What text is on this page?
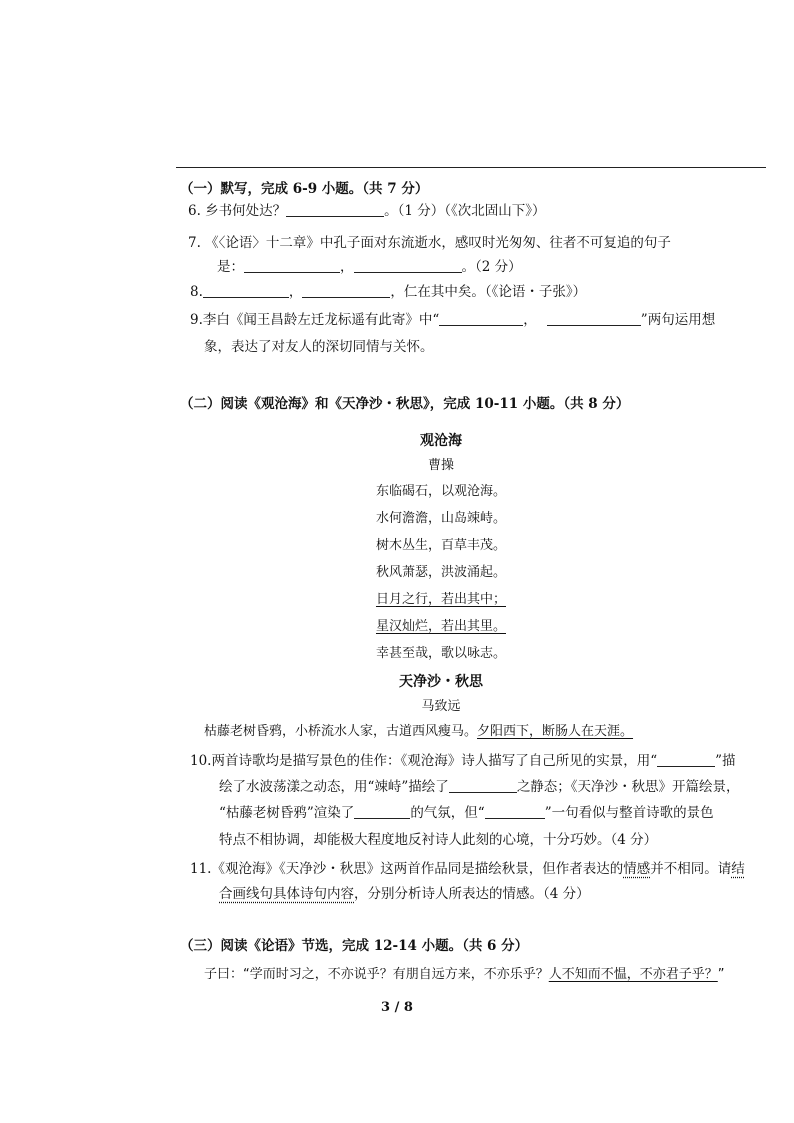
（一）默写，完成 6-9 小题。（共 7 分）
6. 乡书何处达？	。（1 分）（《次北固山下》）
7. 《〈论语〉十二章》中孔子面对东流逝水，感叹时光匆匆、往者不可复追的句子
是：	，	。（2 分）
8.	，	，仁在其中矣。（《论语・子张》）
9.李白《闻王昌龄左迁龙标遥有此寄》中“	，	”两句运用想
象，表达了对友人的深切同情与关怀。
（二）阅读《观沧海》和《天净沙・秋思》，完成 10-11 小题。（共 8 分）
观沧海
曹操
东临碣石，以观沧海。
水何澹澹，山岛竦峙。
树木丛生，百草丰茂。
秋风萧瑟，洪波涌起。
日月之行，若出其中；
星汉灿烂，若出其里。
幸甚至哉，歌以咏志。
天净沙・秋思
马致远
枯藤老树昏鸦，小桥流水人家，古道西风瘦马。夕阳西下，断肠人在天涯。
10.两首诗歌均是描写景色的佳作：《观沧海》诗人描写了自己所见的实景，用“	”描
绘了水波荡漾之动态，用“竦峙”描绘了	之静态；《天净沙・秋思》开篇绘景，
“枯藤老树昏鸦”渲染了	的气氛，但“	”一句看似与整首诗歌的景色
特点不相协调，却能极大程度地反衬诗人此刻的心境，十分巧妙。（4 分）
11.《观沧海》《天净沙・秋思》这两首作品同是描绘秋景，但作者表达的情感并不相同。请结
合画线句具体诗句内容，分别分析诗人所表达的情感。（4 分）
（三）阅读《论语》节选，完成 12-14 小题。（共 6 分）
子曰：“学而时习之，不亦说乎？有朋自远方来，不亦乐乎？人不知而不愠，不亦君子乎？”
3 / 8
